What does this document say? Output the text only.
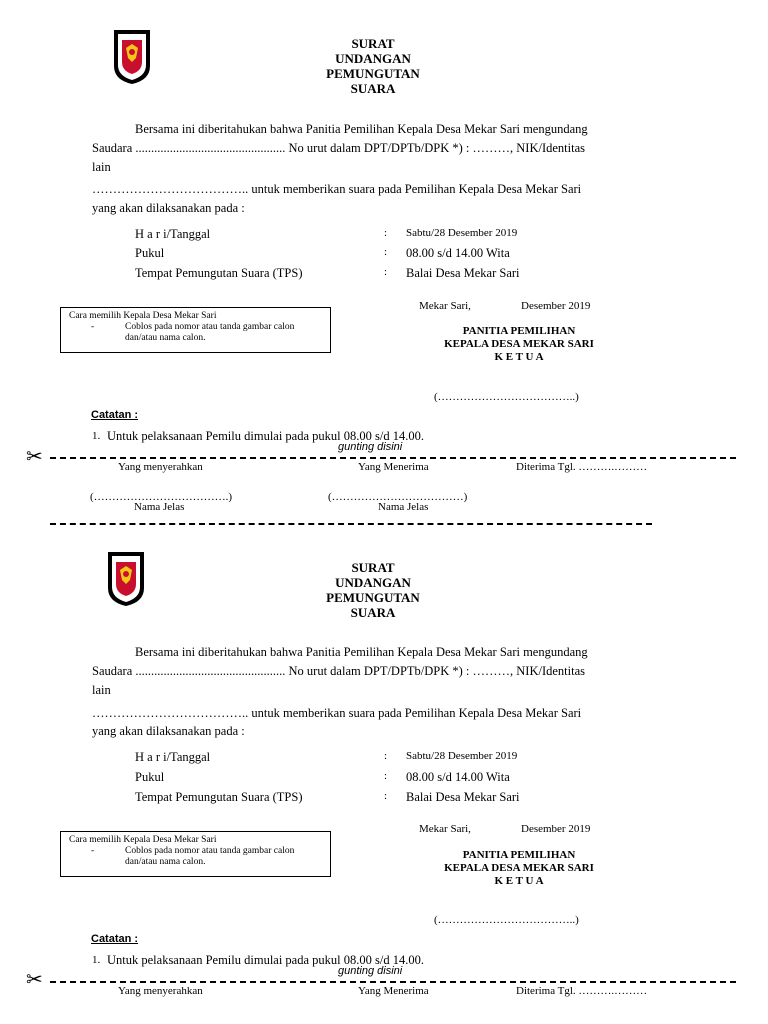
SURAT
UNDANGAN
PEMUNGUTAN
SUARA
Bersama ini diberitahukan bahwa Panitia Pemilihan Kepala Desa Mekar Sari mengundang
Saudara ................................................ No urut dalam DPT/DPTb/DPK *) : ………, NIK/Identitas
lain
……………………………….. untuk memberikan suara pada Pemilihan Kepala Desa Mekar Sari
yang akan dilaksanakan pada :
H a r i/Tanggal	: Sabtu/28 Desember 2019
Pukul	: 08.00 s/d 14.00 Wita
Tempat Pemungutan Suara (TPS)	: Balai Desa Mekar Sari
Cara memilih Kepala Desa Mekar Sari
-	Coblos pada nomor atau tanda gambar calon
dan/atau nama calon.
Mekar Sari,	Desember 2019
PANITIA PEMILIHAN
KEPALA DESA MEKAR SARI
K E T U A
(………………………………..)
Catatan :
1. Untuk pelaksanaan Pemilu dimulai pada pukul 08.00 s/d 14.00.
gunting disini
✂	Yang menyerahkan	Yang Menerima	Diterima Tgl. ……….………
(……………………………….)	(………………………………)
Nama Jelas	Nama Jelas
SURAT
UNDANGAN
PEMUNGUTAN
SUARA
Bersama ini diberitahukan bahwa Panitia Pemilihan Kepala Desa Mekar Sari mengundang
Saudara ................................................ No urut dalam DPT/DPTb/DPK *) : ………, NIK/Identitas
lain
……………………………….. untuk memberikan suara pada Pemilihan Kepala Desa Mekar Sari
yang akan dilaksanakan pada :
H a r i/Tanggal	: Sabtu/28 Desember 2019
Pukul	: 08.00 s/d 14.00 Wita
Tempat Pemungutan Suara (TPS)	: Balai Desa Mekar Sari
Cara memilih Kepala Desa Mekar Sari
-	Coblos pada nomor atau tanda gambar calon
dan/atau nama calon.
Mekar Sari,	Desember 2019
PANITIA PEMILIHAN
KEPALA DESA MEKAR SARI
K E T U A
(………………………………..)
Catatan :
1. Untuk pelaksanaan Pemilu dimulai pada pukul 08.00 s/d 14.00.
gunting disini
✂	Yang menyerahkan	Yang Menerima	Diterima Tgl. ……….………
